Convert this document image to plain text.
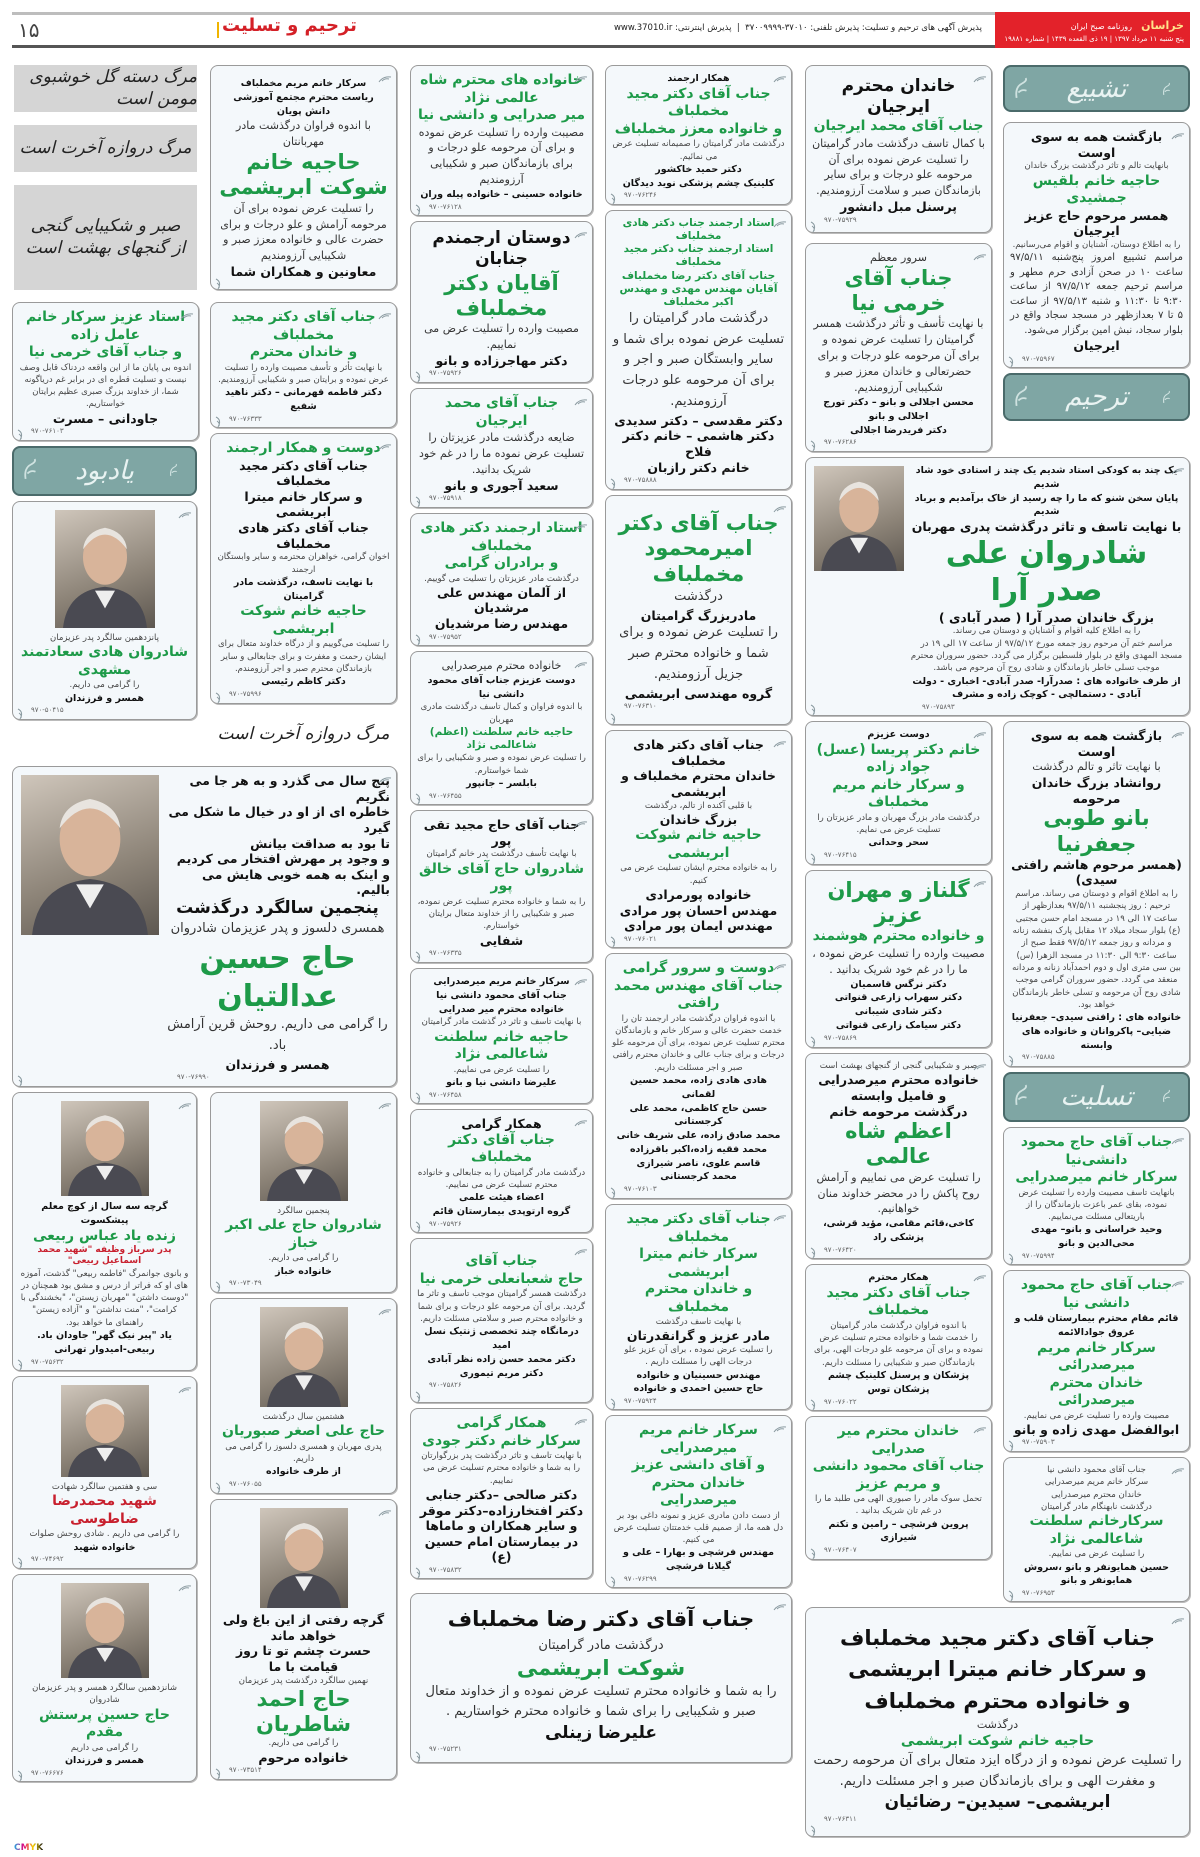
۱۵	ترحیم و تسلیت	پذیرش آگهی های ترحیم و تسلیت: پذیرش تلفنی: ۳۷۰۱۰-۳۷۰۰۹۹۹۹  |  پذیرش اینترنتی: www.37010.ir	خراسان روزنامه صبح ایران
پنج شنبه ۱۱ مرداد ۱۳۹۷ | ۱۹ ذی القعده ۱۴۳۹ | شماره ۱۹۸۸۱
تشییع
بازگشت همه به سوی اوست
بانهایت تالم و تاثر درگذشت بزرگ خاندان
حاجیه خانم بلقیس جمشیدی
همسر مرحوم حاج عزیز ایرجیان
را به اطلاع دوستان، آشنایان و اقوام می‌رسانیم.
مراسم تشییع امروز پنج‌شنبه ۹۷/۵/۱۱ ساعت ۱۰ در صحن آزادی حرم مطهر و مراسم ترحیم جمعه ۹۷/۵/۱۲ از ساعت ۹:۳۰ تا ۱۱:۳۰ و شنبه ۹۷/۵/۱۳ از ساعت ۵ تا ۷ بعدازظهر در مسجد سجاد واقع در بلوار سجاد، نبش امین برگزار می‌شود.
ایرجیان
۹۷۰-۷۵۹۶۷
ترحیم
خاندان محترم
ایرجیان
جناب آقای محمد ایرجیان
با کمال تاسف درگذشت مادر گرامیتان را تسلیت عرض نموده برای آن مرحومه علو درجات و برای سایر بازماندگان صبر و سلامت آرزومندیم.
پرسنل مبل دانشور
۹۷۰-۷۵۹۲۹
سرور معظم
جناب آقای خرمی نیا
با نهایت تأسف و تأثر درگذشت همسر گرامیتان را تسلیت عرض نموده و برای آن مرحومه علو درجات و برای حضرتعالی و خاندان معزز صبر و شکیبایی آرزومندیم.
محسن اجلالی و بانو – دکتر تورج اجلالی و بانو
دکتر فریدرضا اجلالی
۹۷۰-۷۶۲۸۶
همکار ارجمند
جناب آقای دکتر مجید مخملباف
و خانواده معزز مخملباف
درگذشت مادر گرامیتان را صمیمانه تسلیت عرض می نمائیم.
دکتر حمید خاکشور
کلینیک چشم پزشکی نوید دیدگان
۹۷۰-۷۶۲۴۶
استاد ارجمند جناب دکتر هادی مخملباف
استاد ارجمند جناب دکتر مجید مخملباف
جناب آقای دکتر رضا مخملباف
آقایان مهندس مهدی و مهندس اکبر مخملباف
درگذشت مادر گرامیتان را تسلیت عرض نموده برای شما و سایر وابستگان صبر و اجر و برای آن مرحومه علو درجات آرزومندیم.
دکتر مقدسی – دکتر سدیدی
دکتر هاشمی – خانم دکتر فلاح
خانم دکتر رازبان
۹۷۰-۷۵۸۸۸
خانواده های محترم شاه عالمی نژاد
میر صدرایی و دانشی نیا
مصیبت وارده را تسلیت عرض نموده و برای آن مرحومه علو درجات و برای بازماندگان صبر و شکیبایی آرزومندیم
خانواده حسینی – خانواده پیله وران
۹۷۰-۷۶۱۲۸
دوستان ارجمندم جنابان
آقایان دکتر مخملباف
مصیبت وارده را تسلیت عرض می نماییم.
دکتر مهاجرزاده و بانو
۹۷۰-۷۵۹۲۶
جناب آقای محمد ایرجیان
ضایعه درگذشت مادر عزیزتان را تسلیت عرض نموده ما را در غم خود شریک بدانید.
سعید آجوری و بانو
۹۷۰-۷۵۹۱۸
سرکار خانم مریم مخملباف
ریاست محترم مجتمع آموزشی
دانش پویان
با اندوه فراوان درگذشت مادر مهربانتان
حاجیه خانم
شوکت ابریشمی
را تسلیت عرض نموده برای آن مرحومه آرامش و علو درجات و برای حضرت عالی و خانواده معزز صبر و شکیبایی آرزومندیم
معاونین و همکاران شما
جناب آقای دکتر مجید مخملباف
و خاندان محترم
با نهایت تأثر و تأسف مصیبت وارده را تسلیت عرض نموده و برایتان صبر و شکیبایی آرزومندیم.
دکتر فاطمه قهرمانی – دکتر ناهید شفیع
۹۷۰-۷۶۳۳۳
مرگ دسته گل خوشبوی مومن است
مرگ دروازه آخرت است
صبر و شکیبایی گنجی
از گنجهای بهشت است
استاد عزیز سرکار خانم عامل زاده
و جناب آقای خرمی نیا
اندوه بی پایان ما از این واقعه دردناک قابل وصف نیست و تسلیت قطره ای در برابر غم دریاگونه شما، از خداوند بزرگ صبری عظیم برایتان خواستاریم.
جاودانی – مسرت
۹۷۰-۷۶۱۰۳
یادبود
پانزدهمین سالگرد پدر عزیزمان
شادروان هادی سعادتمند مشهدی
را گرامی می داریم.
همسر و فرزندان
۹۷۰-۵۰۴۱۵
دوست و همکار ارجمند
جناب آقای دکتر مجید مخملباف
و سرکار خانم میترا ابریشمی
جناب آقای دکتر هادی مخملباف
اخوان گرامی، خواهران محترمه و سایر وابستگان ارجمند
با نهایت تاسف، درگذشت مادر گرامیتان
حاجیه خانم شوکت ابریشمی
را تسلیت می‌گوییم و از درگاه خداوند متعال برای ایشان رحمت و مغفرت و برای جنابعالی و سایر بازماندگان محترم صبر و اجر آرزومندم.
دکتر کاظم رئیسی
۹۷۰-۷۵۹۹۶
مرگ دروازه آخرت است
استاد ارجمند دکتر هادی مخملباف
و برادران گرامی
درگذشت مادر عزیزتان را تسلیت می گوییم.
از آلمان مهندس علی مرشدیان
مهندس رضا مرشدیان
۹۷۰-۷۵۹۵۲
خانواده محترم میرصدرایی
دوست عزیزم جناب آقای محمود دانشی نیا
با اندوه فراوان و کمال تاسف درگذشت مادری مهربان
حاجیه خانم سلطنت (اعظم) شاعالمی نژاد
را تسلیت عرض نموده و صبر و شکیبایی را برای شما خواستارم.
بابلسر – جانپور
۹۷۰-۷۶۴۵۵
جناب آقای دکتر
امیرمحمود مخملباف
درگذشت
مادربزرگ گرامیتان
را تسلیت عرض نموده و برای شما و خانواده محترم صبر جزیل آرزومندیم.
گروه مهندسی ابریشمی
۹۷۰-۷۶۳۱۰
یک چند به کودکی استاد شدیم یک چند ز استادی خود شاد شدیم
پایان سخن شنو که ما را چه رسید از خاک برآمدیم و برباد شدیم
با نهایت تاسف و تاثر درگذشت پدری مهربان
شادروان علی صدر آرا
بزرگ خاندان صدر آرا ( صدر آبادی )
را به اطلاع کلیه اقوام و آشنایان و دوستان می رساند.
مراسم ختم آن مرحوم روز جمعه مورخ ۹۷/۵/۱۲ از ساعت ۱۷ الی ۱۹ در مسجد المهدی واقع در بلوار فلسطین برگزار می گردد. حضور سروران محترم موجب تسلی خاطر بازماندگان و شادی روح آن مرحوم می باشد.
از طرف خانواده های : صدرآرا- صدر آبادی- اخباری - دولت آبادی - دستمالچی - کوچک زاده و مشرف
۹۷۰-۷۵۸۹۳
پنج سال می گذرد و به هر جا می نگریم
خاطره ای از او در خیال ما شکل می گیرد
تا بود به صداقت بیانش
و وجود پر مهرش افتخار می کردیم
و اینک به همه خوبی هایش می بالیم.
پنجمین سالگرد درگذشت
همسری دلسوز و پدر عزیزمان شادروان
حاج حسین عدالتیان
را گرامی می داریم. روحش قرین آرامش باد.
همسر و فرزندان
۹۷۰-۷۶۹۹۰
جناب آقای حاج مجید تقی پور
با نهایت تأسف درگذشت پدر خانم گرامیتان
شادروان حاج آقای خالق پور
را به شما و خانواده محترم تسلیت عرض نموده، صبر و شکیبایی را از خداوند متعال برایتان خواستارم.
شفایی
۹۷۰-۷۶۳۳۵
سرکار خانم مریم میرصدرایی
جناب آقای محمود دانشی نیا
خانواده محترم میر صدرایی
با نهایت تاسف و تاثر در گذشت مادر گرامیتان
حاجیه خانم سلطنت شاعالمی نژاد
را تسلیت عرض می نماییم.
علیرضا دانشی نیا و بانو
۹۷۰-۷۶۴۵۸
همکار گرامی
جناب آقای دکتر مخملباف
درگذشت مادر گرامیتان را به جنابعالی و خانواده محترم تسلیت عرض می نماییم.
اعضاء هیئت علمی
گروه ارتوپدی بیمارستان قائم
۹۷۰-۷۵۹۲۶
جناب آقای
حاج شعبانعلی خرمی نیا
درگذشت همسر گرامیتان موجب تاسف و تاثر ما گردید. برای آن مرحومه علو درجات و برای شما و خانواده محترم صبر و سلامتی مسئلت داریم.
درمانگاه چند تخصصی ژنتیک نسل امید
دکتر محمد حسن زاده نظر آبادی
دکتر مریم تیموری
۹۷۰-۷۵۸۲۶
همکار گرامی
سرکار خانم دکتر جودی
با نهایت تاسف و تاثر درگذشت پدر بزرگوارتان را به شما و خانواده محترم تسلیت عرض می نماییم.
دکتر صالحی –دکتر جنابی
دکتر افتخارزاده–دکتر موقر
و سایر همکاران و ماماها
در بیمارستان امام حسین (ع)
۹۷۰-۷۵۸۳۲
جناب آقای دکتر هادی مخملباف
خاندان محترم مخملباف و ابریشمی
با قلبی آکنده از تالم، درگذشت
بزرگ خاندان
حاجیه خانم شوکت ابریشمی
را به خانواده محترم ایشان تسلیت عرض می کنیم.
خانواده پورمرادی
مهندس احسان پور مرادی
مهندس ایمان پور مرادی
۹۷۰-۷۶۰۲۱
دوست و سرور گرامی
جناب آقای مهندس محمد رافتی
با اندوه فراوان درگذشت مادر ارجمند تان را خدمت حضرت عالی و سرکار خانم و بازماندگان محترم تسلیت عرض نموده، برای آن مرحومه علو درجات و برای جناب عالی و خاندان محترم رافتی صبر و اجر مسئلت داریم.
هادی هادی زاده، محمد حسین لقمانی
حسن حاج کاظمی، محمد علی کرجستانی
محمد صادق زاده، علی شریف خانی
محمد فقیه زاده،اکبر باقرزاده
قاسم علوی، ناصر شیرازی
محمد کرجستانی
۹۷۰-۷۶۱۰۳
جناب آقای دکتر مجید مخملباف
سرکار خانم میترا ابریشمی
و خاندان محترم مخملباف
با نهایت تاسف درگذشت
مادر عزیز و گرانقدرتان
را تسلیت عرض نموده ، برای آن عزیز علو درجات الهی را مسئلت داریم .
مهندس حسینیان و خانواده
حاج حسین احمدی و خانواده
۹۷۰-۷۵۹۲۴
سرکار خانم مریم میرصدرایی
و آقای دانشی عزیز
خاندان محترم میرصدرایی
از دست دادن مادری عزیز و نمونه داغی بود بر دل همه ما، از صمیم قلب خدمتتان تسلیت عرض می کنیم.
مهندس فرشچی و بهارا – علی و گیلانا فرشچی
۹۷۰-۷۶۲۹۹
جناب آقای دکتر رضا مخملباف
درگذشت مادر گرامیتان
شوکت ابریشمی
را به شما و خانواده محترم تسلیت عرض نموده و از خداوند متعال
صبر و شکیبایی را برای شما و خانواده محترم خواستاریم .
علیرضا زینلی
۹۷۰-۷۵۲۳۱
دوست عزیزم
خانم دکتر پریسا (عسل) جواد زاده
و سرکار خانم مریم مخملباف
درگذشت مادر بزرگ مهربان و مادر عزیزتان را تسلیت عرض می نمایم.
سحر وحدانی
۹۷۰-۷۶۴۱۵
گلناز و مهران عزیز
و خانواده محترم هوشمند
مصیبت وارده را تسلیت عرض نموده ، ما را در غم خود شریک بدانید .
دکتر نرگس قاسمیان
دکتر سهراب زارعی قنواتی
دکتر شادی شیبانی
دکتر سیامک زارعی قنواتی
۹۷۰-۷۵۸۶۹
صبر و شکیبایی گنجی از گنجهای بهشت است
خانواده محترم میرصدرایی
و فامیل وابسته
درگذشت مرحومه خانم
اعظم شاه عالمی
را تسلیت عرض می نماییم و آرامش روح پاکش را در محضر خداوند منان خواهانیم.
کاخی،قائم مقامی، مؤید قرشی، پزشکی راد
۹۷۰-۷۶۴۲۰
همکار محترم
جناب آقای دکتر مجید مخملباف
با اندوه فراوان درگذشت مادر گرامیتان
را خدمت شما و خانواده محترم تسلیت عرض نموده و برای آن مرحومه علو درجات الهی، برای بازماندگان صبر و شکیبایی را مسئلت داریم.
پزشکان و پرسنل کلینیک چشم پزشکان توس
۹۷۰-۷۶۰۲۲
خاندان محترم میر صدرایی
جناب آقای محمود دانشی
و مریم عزیز
تحمل سوک مادر را صبوری الهی می طلبد ما را در غم تان شریک بدانید .
پروین فرشچی – رامین و تکتم شیرازی
۹۷۰-۷۶۴۰۷
بازگشت همه به سوی اوست
با نهایت تاثر و تالم درگذشت
روانشاد بزرگ خاندان مرحومه
بانو طوبی جعفرنیا
(همسر مرحوم هاشم رافتی سیدی)
را به اطلاع اقوام و دوستان می رساند. مراسم ترحیم : روز پنجشنبه ۹۷/۵/۱۱ بعدازظهر از ساعت ۱۷ الی ۱۹ در مسجد امام حسن مجتبی (ع) بلوار سجاد میلاد ۱۲ مقابل پارک بنفشه زنانه و مردانه و روز جمعه ۹۷/۵/۱۲ فقط صبح از ساعت ۹:۳۰ الی ۱۱:۳۰ در مسجد الزهرا (س) بین سی متری اول و دوم احمدآباد زنانه و مردانه منعقد می گردد. حضور سروران گرامی موجب شادی روح آن مرحومه و تسلی خاطر بازماندگان خواهد بود.
خانواده های : رافتی سیدی– جعفرنیا
ضیایی– پاکروانان و خانواده های وابسته
۹۷۰-۷۵۸۸۵
تسلیت
جناب آقای حاج محمود دانشی‌نیا
سرکار خانم میرصدرایی
بانهایت تاسف مصیبت وارده را تسلیت عرض نموده، بقای عمر باعزت بازماندگان را از باریتعالی مسئلت می‌نماییم.
وحید خراسانی و بانو– مهدی محی‌الدین و بانو
۹۷۰-۷۵۹۹۴
جناب آقای حاج محمود دانشی نیا
قائم مقام محترم بیمارستان قلب و عروق جوادالائمه
سرکار خانم مریم میرصدرائی
خاندان محترم میرصدرائی
مصیبت وارده را تسلیت عرض می نماییم.
ابوالفضل مهدی زاده و بانو
۹۷۰-۷۵۹۰۳
جناب آقای محمود دانشی نیا
سرکار خانم مریم میرصدرایی
خاندان محترم میرصدرایی
درگذشت نابهنگام مادر گرامیتان
سرکارخانم سلطنت شاعالمی نژاد
را تسلیت عرض می نماییم.
حسین همایونفر و بانو ،سروش همایونفر و بانو
۹۷۰-۷۶۹۵۳
جناب آقای دکتر مجید مخملباف
و سرکار خانم میترا ابریشمی
و خانواده محترم مخملباف
درگذشت
حاجیه خانم شوکت ابریشمی
را تسلیت عرض نموده و از درگاه ایزد متعال برای آن مرحومه رحمت و مغفرت الهی و برای بازماندگان صبر و اجر مسئلت داریم.
ابریشمی– سیدین– رضائیان
۹۷۰-۷۶۳۱۱
گرچه سه سال از کوچ معلم پیشکسوت
زنده یاد عباس ربیعی
پدر سرباز وظیفه "شهید محمد اسماعیل ربیعی"
و بانوی جوانمرگ "فاطمه ربیعی" گذشت، آموزه های او که فراتر از درس و مشق بود همچنان در "دوست داشتن" "مهربان زیستن"، "بخشندگی با کرامت"، "منت نداشتن" و "آزاده زیستن" راهنمای ما خواهد بود.
یاد "پیر نیک گهر" جاودان باد.
ربیعی-امیدوار تهرانی
۹۷۰-۷۵۶۳۲
سی و هفتمین سالگرد شهادت
شهید محمدرضا ضاطوسی
را گرامی می داریم . شادی روحش صلوات
خانواده شهید
۹۷۰-۷۴۶۹۲
شانزدهمین سالگرد همسر و پدر عزیزمان شادروان
حاج حسین پرستش مقدم
را گرامی می داریم
همسر و فرزندان
۹۷۰-۷۶۶۷۶
پنجمین سالگرد
شادروان حاج علی اکبر خباز
را گرامی می داریم.
خانواده خباز
۹۷۰-۷۳۰۴۹
هشتمین سال درگذشت
حاج علی اصغر صبوریان
پدری مهربان و همسری دلسوز را گرامی می داریم.
از طرف خانواده
۹۷۰-۷۶۰۵۵
گرچه رفتی از این باغ ولی خواهد ماند
حسرت چشم تو تا روز قیامت با ما
نهمین سالگرد درگذشت پدر عزیزمان
حاج احمد شاطریان
را گرامی می داریم.
خانواده مرحوم
۹۷۰-۷۳۵۱۴
CMYK
